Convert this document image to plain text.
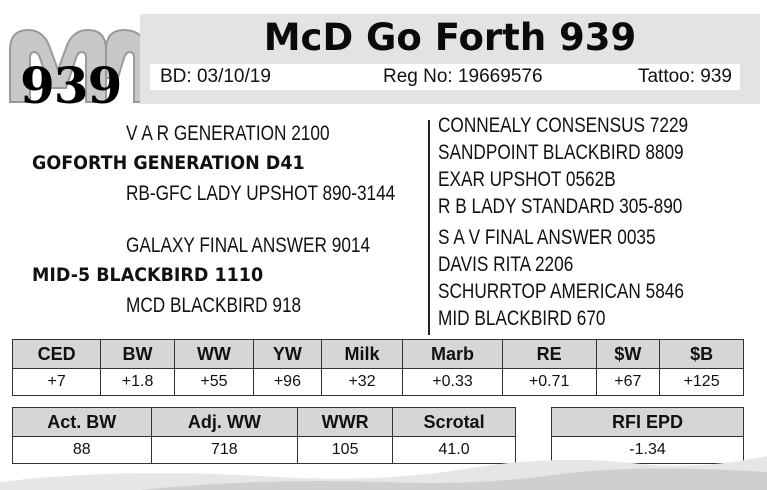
939
McD Go Forth 939
BD: 03/10/19	Reg No: 19669576	Tattoo: 939
V A R GENERATION 2100
GOFORTH GENERATION D41
RB-GFC LADY UPSHOT 890-3144
GALAXY FINAL ANSWER 9014
MID-5 BLACKBIRD 1110
MCD BLACKBIRD 918
CONNEALY CONSENSUS 7229
SANDPOINT BLACKBIRD 8809
EXAR UPSHOT 0562B
R B LADY STANDARD 305-890
S A V FINAL ANSWER 0035
DAVIS RITA 2206
SCHURRTOP AMERICAN 5846
MID BLACKBIRD 670
CED	BW	WW	YW	Milk	Marb	RE	$W	$B
+7	+1.8	+55	+96	+32	+0.33	+0.71	+67	+125
Act. BW	Adj. WW	WWR	Scrotal
88	718	105	41.0
RFI EPD
-1.34
